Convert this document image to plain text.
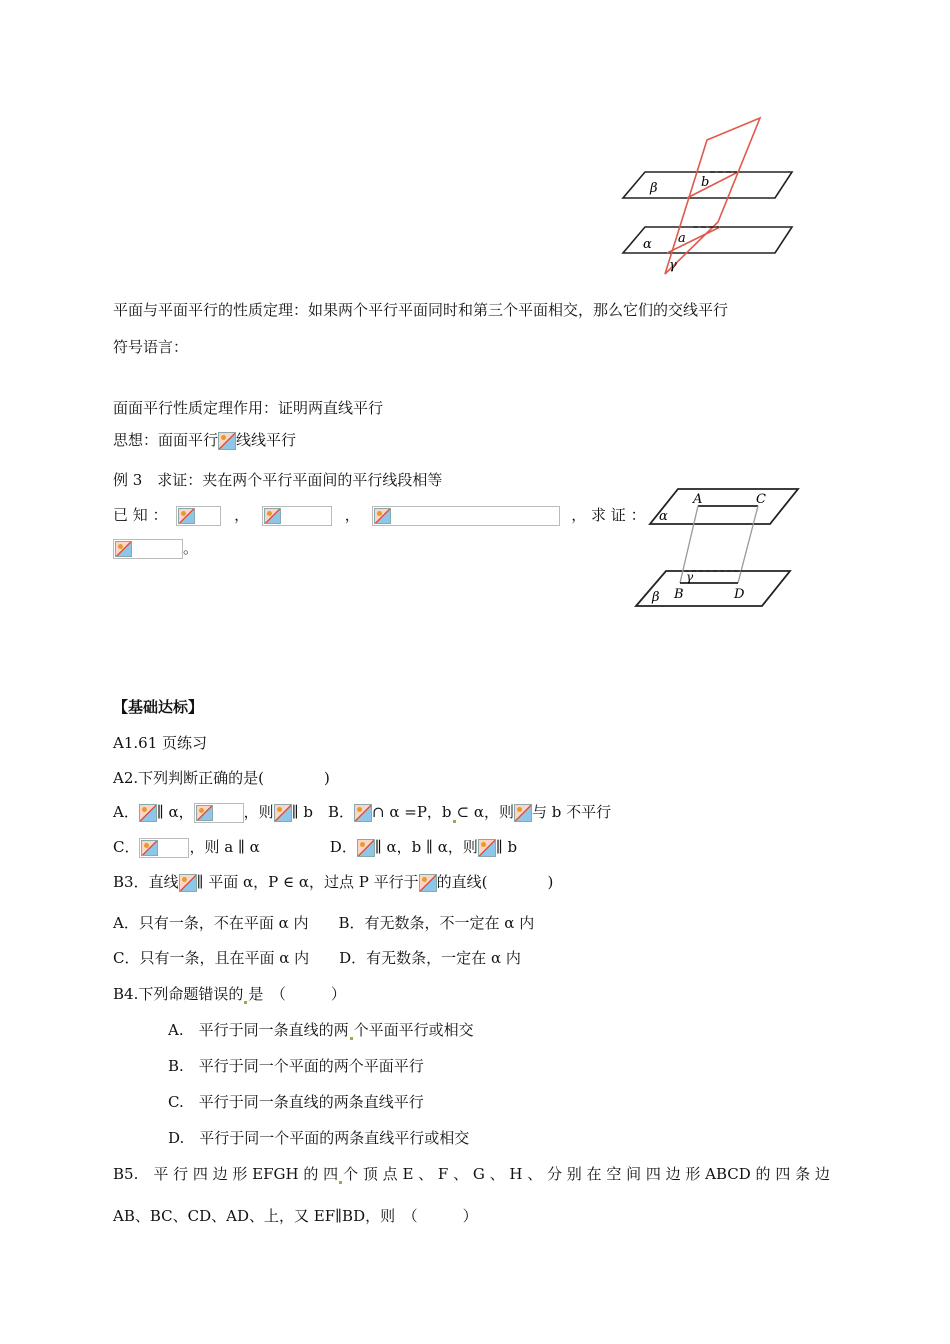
β	b
α a
γ
平面与平面平行的性质定理：如果两个平行平面同时和第三个平面相交，那么它们的交线平行
符号语言：
面面平行性质定理作用：证明两直线平行
思想：面面平行 线线平行
例 3　求证：夹在两个平行平面间的平行线段相等
已 知 ：	，	，	， 求 证 ：
。
A	C
α
γ
β B	D
【基础达标】
A1.61 页练习
A2.下列判断正确的是(　　　　)
A． ∥ α，	，则 ∥ b　B． ∩ α =P，b ⊂ α，则 与 b 不平行
C．	，则 a ∥ α	D． ∥ α，b ∥ α，则 ∥ b
B3．直线 ∥ 平面 α，P ∈ α，过点 P 平行于 的直线(　　　　)
A．只有一条，不在平面 α 内　　B．有无数条，不一定在 α 内
C．只有一条，且在平面 α 内　　D．有无数条，一定在 α 内
B4.下列命题错误的 是　（　　　）
A.　平行于同一条直线的两 个平面平行或相交
B.　平行于同一个平面的两个平面平行
C.　平行于同一条直线的两条直线平行
D.　平行于同一个平面的两条直线平行或相交
B5.　平 行 四 边 形 EFGH 的 四 个 顶 点 E 、 F 、 G 、 H 、 分 别 在 空 间 四 边 形 ABCD 的 四 条 边
AB、BC、CD、AD、上，又 EF∥BD，则　（　　　）
